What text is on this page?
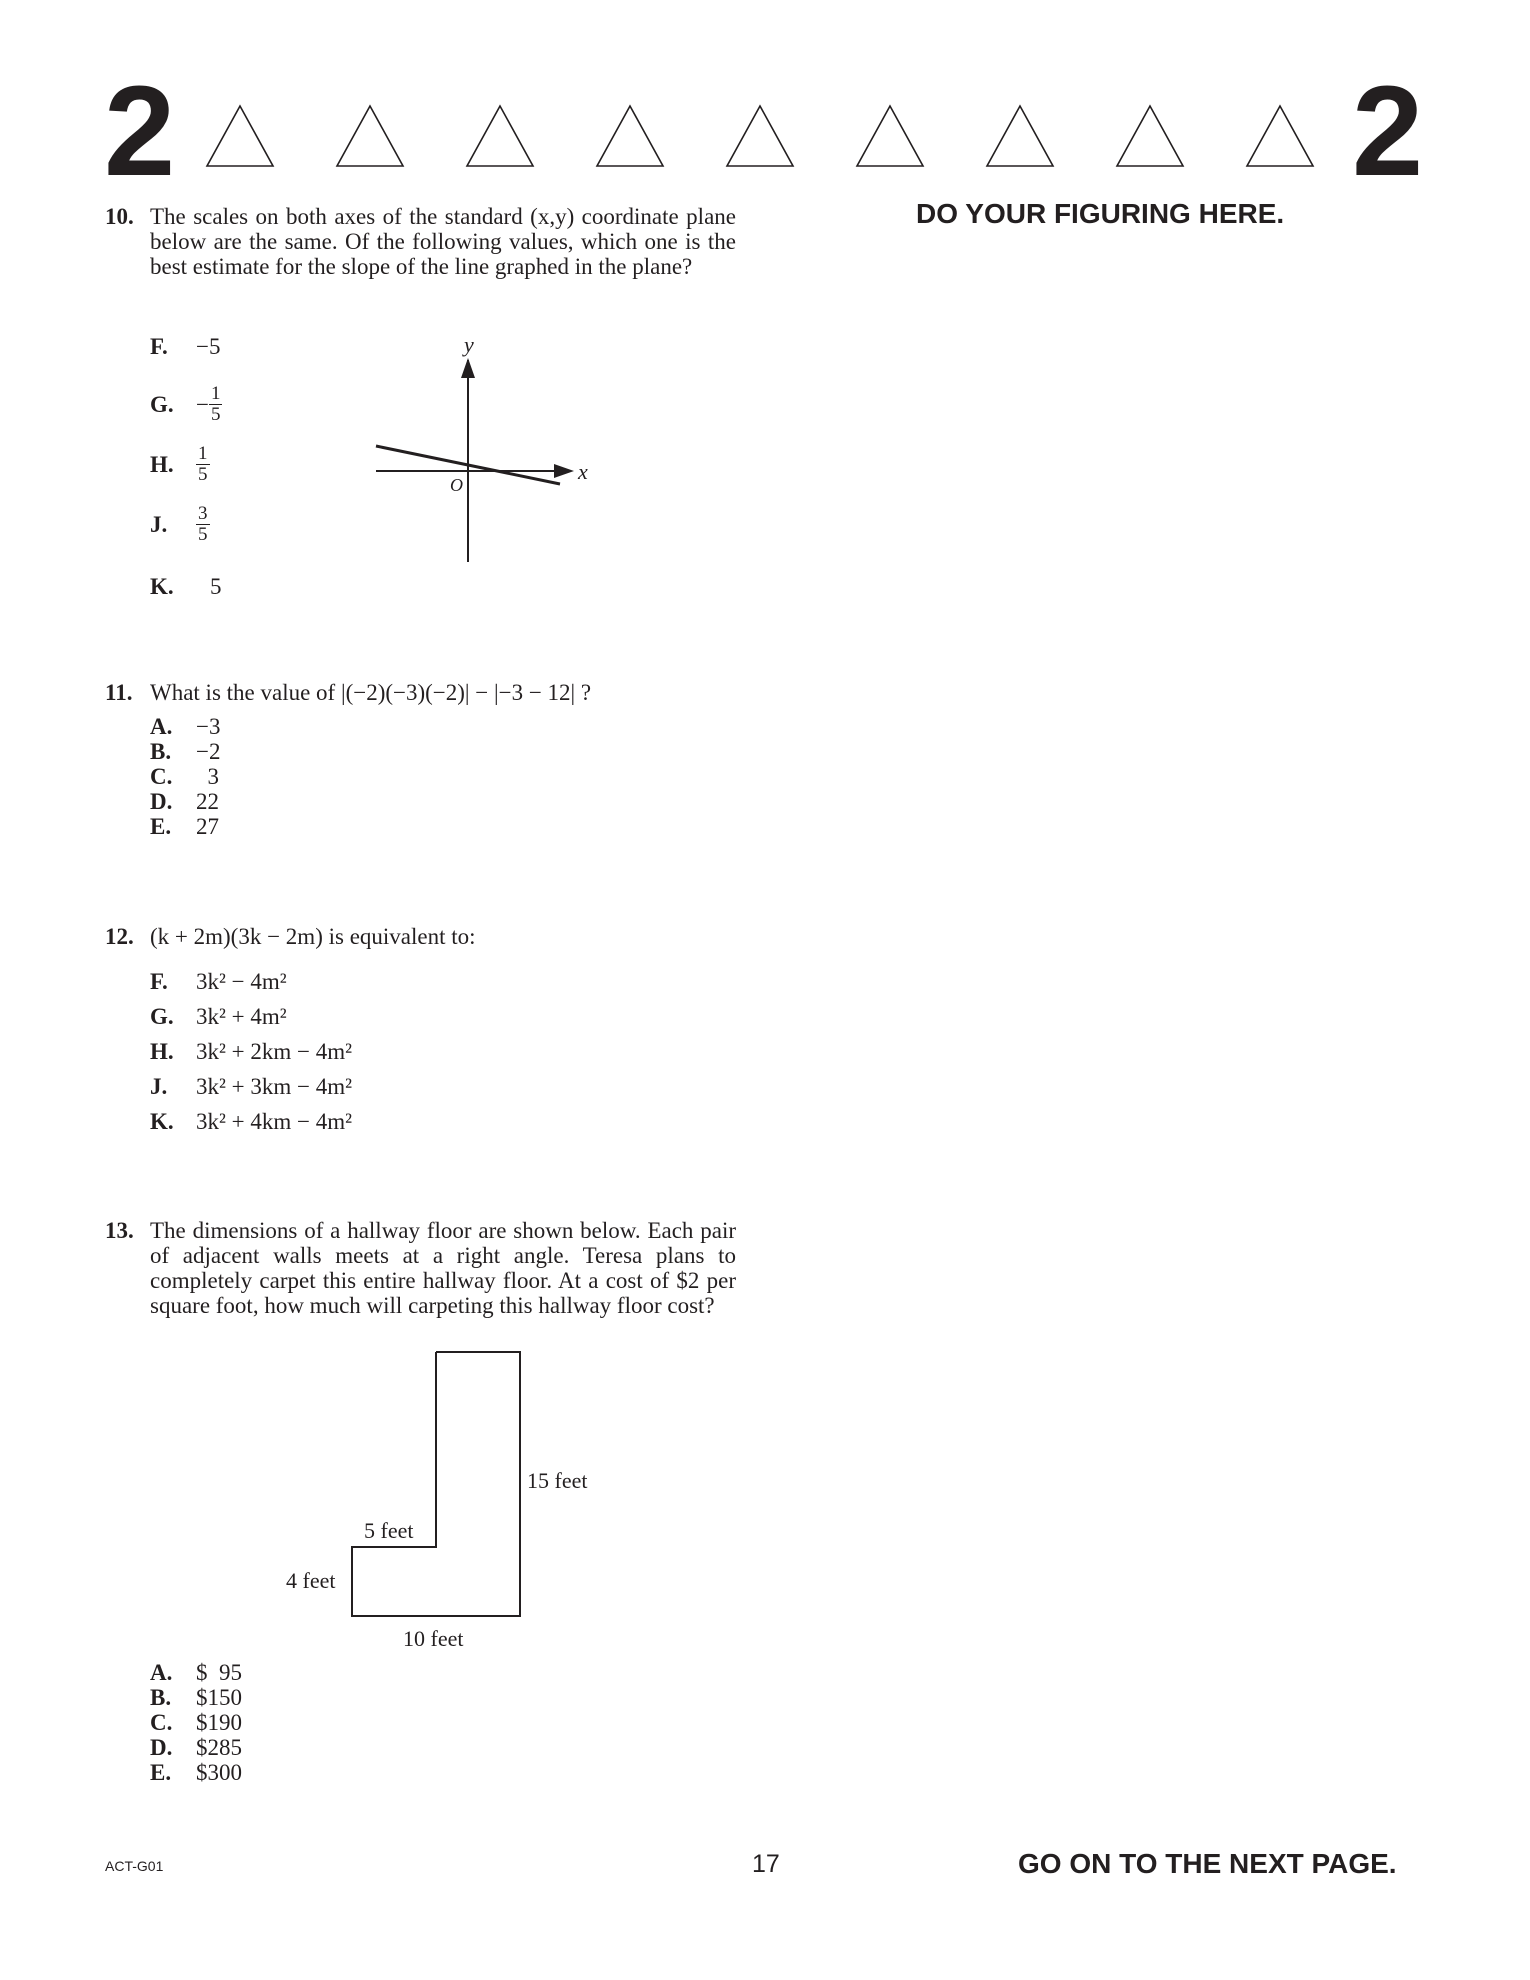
2	2
DO YOUR FIGURING HERE.
10. The scales on both axes of the standard (x,y) coordinate plane below are the same. Of the following values, which one is the best estimate for the slope of the line graphed in the plane?
F. −5
G. − $\frac{1}{5}$
H. $\frac{1}{5}$
J. $\frac{3}{5}$
K. 5
y
x
O
11. What is the value of |(−2)(−3)(−2)| − |−3 − 12| ?
A. −3
B. −2
C.  3
D. 22
E. 27
12. (k + 2m)(3k − 2m) is equivalent to:
F. 3k² − 4m²
G. 3k² + 4m²
H. 3k² + 2km − 4m²
J. 3k² + 3km − 4m²
K. 3k² + 4km − 4m²
13. The dimensions of a hallway floor are shown below. Each pair of adjacent walls meets at a right angle. Teresa plans to completely carpet this entire hallway floor. At a cost of $2 per square foot, how much will carpeting this hallway floor cost?
15 feet
5 feet
4 feet
10 feet
A. $  95
B. $150
C. $190
D. $285
E. $300
ACT-G01	17	GO ON TO THE NEXT PAGE.
